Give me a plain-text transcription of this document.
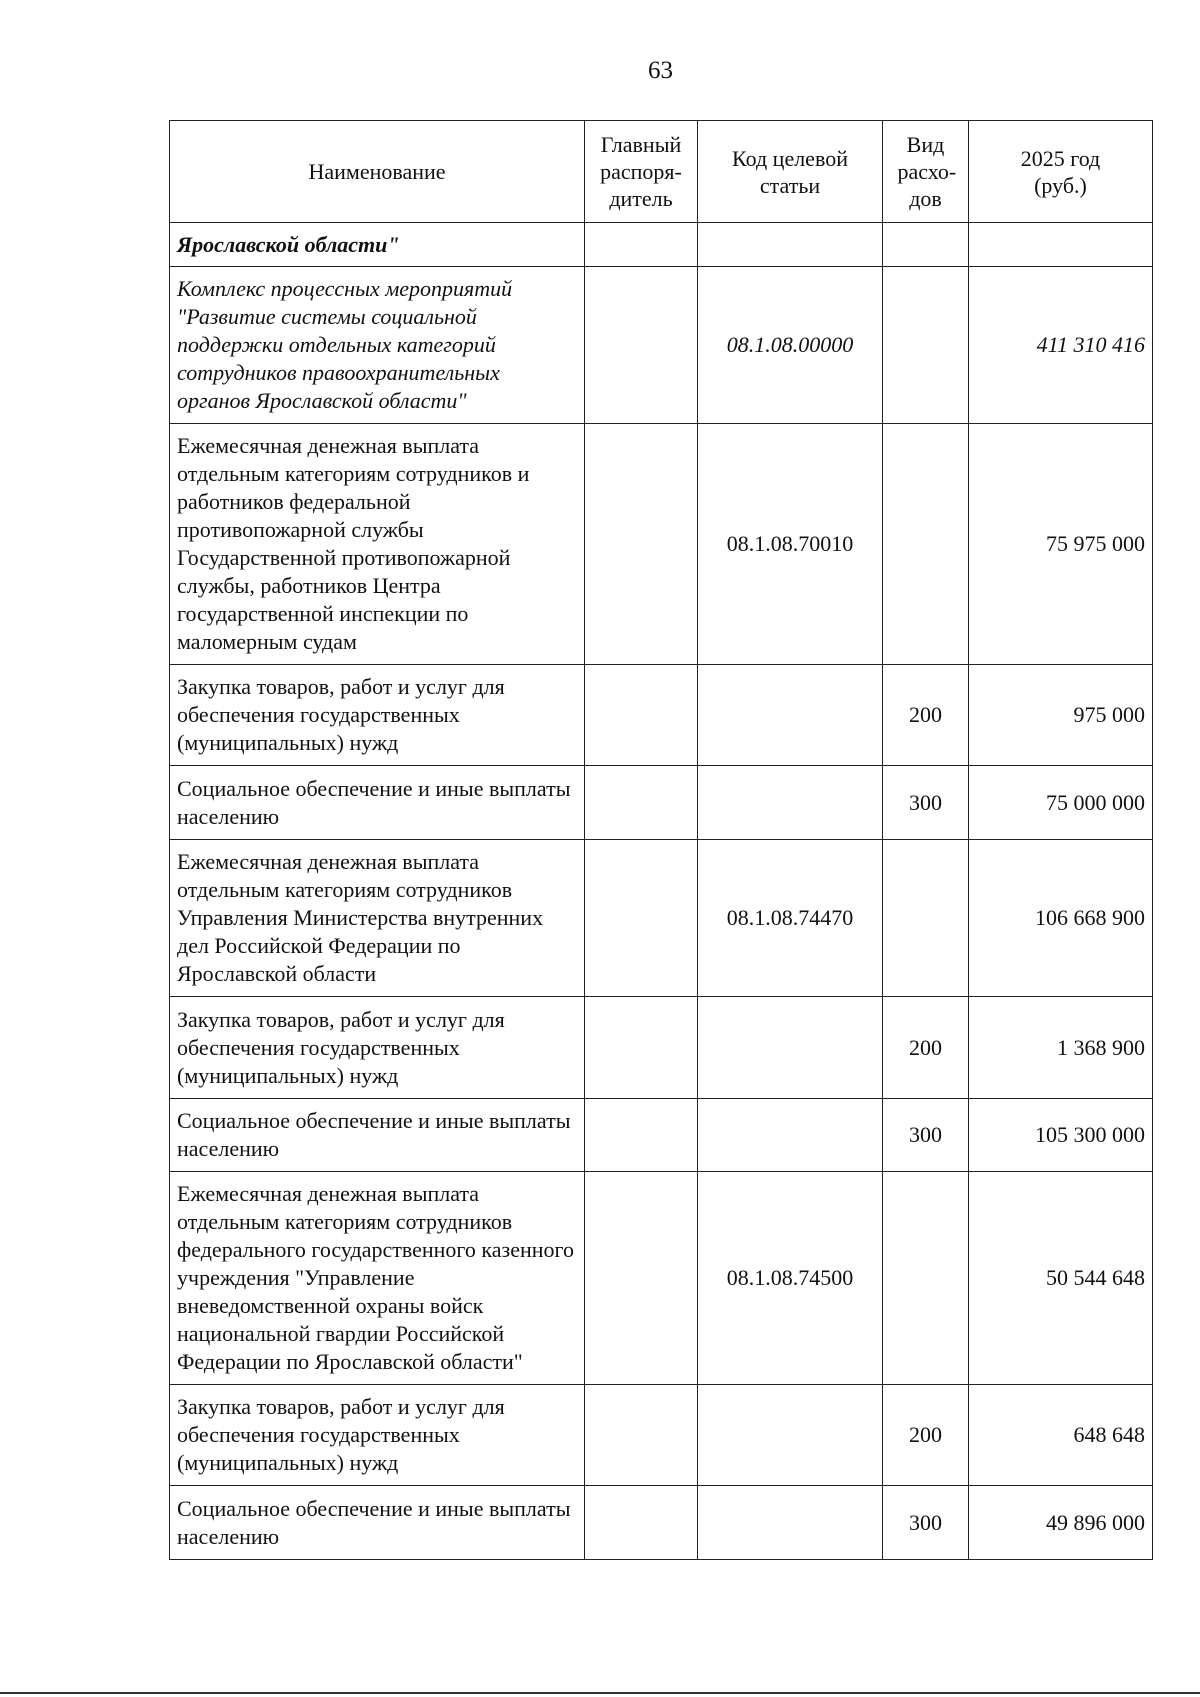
63
Наименование	Главный распоря-дитель	Код целевой статьи	Вид расхо-дов	2025 год (руб.)

Ярославской области"				
Комплекс процессных мероприятий "Развитие системы социальной поддержки отдельных категорий сотрудников правоохранительных органов Ярославской области"		08.1.08.00000		411 310 416
Ежемесячная денежная выплата отдельным категориям сотрудников и работников федеральной противопожарной службы Государственной противопожарной службы, работников Центра государственной инспекции по маломерным судам		08.1.08.70010		75 975 000
Закупка товаров, работ и услуг для обеспечения государственных (муниципальных) нужд			200	975 000
Социальное обеспечение и иные выплаты населению			300	75 000 000
Ежемесячная денежная выплата отдельным категориям сотрудников Управления Министерства внутренних дел Российской Федерации по Ярославской области		08.1.08.74470		106 668 900
Закупка товаров, работ и услуг для обеспечения государственных (муниципальных) нужд			200	1 368 900
Социальное обеспечение и иные выплаты населению			300	105 300 000
Ежемесячная денежная выплата отдельным категориям сотрудников федерального государственного казенного учреждения "Управление вневедомственной охраны войск национальной гвардии Российской Федерации по Ярославской области"		08.1.08.74500		50 544 648
Закупка товаров, работ и услуг для обеспечения государственных (муниципальных) нужд			200	648 648
Социальное обеспечение и иные выплаты населению			300	49 896 000
